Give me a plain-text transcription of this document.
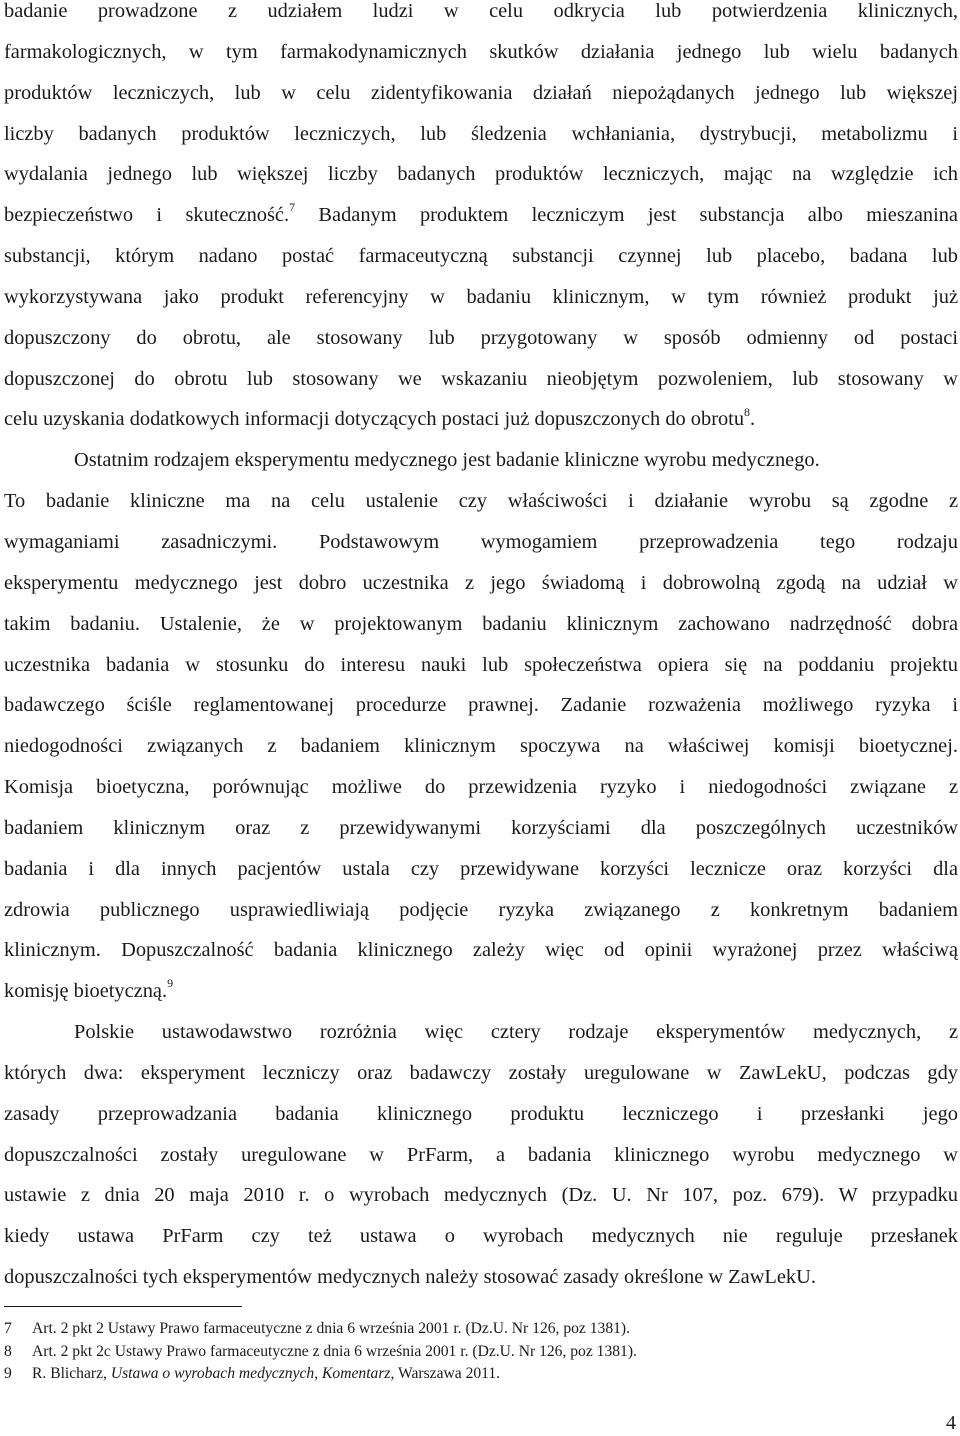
badanie prowadzone z udziałem ludzi w celu odkrycia lub potwierdzenia klinicznych,
farmakologicznych, w tym farmakodynamicznych skutków działania jednego lub wielu badanych
produktów leczniczych, lub w celu zidentyfikowania działań niepożądanych jednego lub większej
liczby badanych produktów leczniczych, lub śledzenia wchłaniania, dystrybucji, metabolizmu i
wydalania jednego lub większej liczby badanych produktów leczniczych, mając na względzie ich
bezpieczeństwo i skuteczność.$^7$ Badanym produktem leczniczym jest substancja albo mieszanina
substancji, którym nadano postać farmaceutyczną substancji czynnej lub placebo, badana lub
wykorzystywana jako produkt referencyjny w badaniu klinicznym, w tym również produkt już
dopuszczony do obrotu, ale stosowany lub przygotowany w sposób odmienny od postaci
dopuszczonej do obrotu lub stosowany we wskazaniu nieobjętym pozwoleniem, lub stosowany w
celu uzyskania dodatkowych informacji dotyczących postaci już dopuszczonych do obrotu$^8$.
Ostatnim rodzajem eksperymentu medycznego jest badanie kliniczne wyrobu medycznego.
To badanie kliniczne ma na celu ustalenie czy właściwości i działanie wyrobu są zgodne z
wymaganiami zasadniczymi. Podstawowym wymogamiem przeprowadzenia tego rodzaju
eksperymentu medycznego jest dobro uczestnika z jego świadomą i dobrowolną zgodą na udział w
takim badaniu. Ustalenie, że w projektowanym badaniu klinicznym zachowano nadrzędność dobra
uczestnika badania w stosunku do interesu nauki lub społeczeństwa opiera się na poddaniu projektu
badawczego ściśle reglamentowanej procedurze prawnej. Zadanie rozważenia możliwego ryzyka i
niedogodności związanych z badaniem klinicznym spoczywa na właściwej komisji bioetycznej.
Komisja bioetyczna, porównując możliwe do przewidzenia ryzyko i niedogodności związane z
badaniem klinicznym oraz z przewidywanymi korzyściami dla poszczególnych uczestników
badania i dla innych pacjentów ustala czy przewidywane korzyści lecznicze oraz korzyści dla
zdrowia publicznego usprawiedliwiają podjęcie ryzyka związanego z konkretnym badaniem
klinicznym. Dopuszczalność badania klinicznego zależy więc od opinii wyrażonej przez właściwą
komisję bioetyczną.$^9$
Polskie ustawodawstwo rozróżnia więc cztery rodzaje eksperymentów medycznych, z
których dwa: eksperyment leczniczy oraz badawczy zostały uregulowane w ZawLekU, podczas gdy
zasady przeprowadzania badania klinicznego produktu leczniczego i przesłanki jego
dopuszczalności zostały uregulowane w PrFarm, a badania klinicznego wyrobu medycznego w
ustawie z dnia 20 maja 2010 r. o wyrobach medycznych (Dz. U. Nr 107, poz. 679). W przypadku
kiedy ustawa PrFarm czy też ustawa o wyrobach medycznych nie reguluje przesłanek
dopuszczalności tych eksperymentów medycznych należy stosować zasady określone w ZawLekU.
7	Art. 2 pkt 2 Ustawy Prawo farmaceutyczne z dnia 6 września 2001 r. (Dz.U. Nr 126, poz 1381).
8	Art. 2 pkt 2c Ustawy Prawo farmaceutyczne z dnia 6 września 2001 r. (Dz.U. Nr 126, poz 1381).
9	R. Blicharz, Ustawa o wyrobach medycznych, Komentarz, Warszawa 2011.
4
